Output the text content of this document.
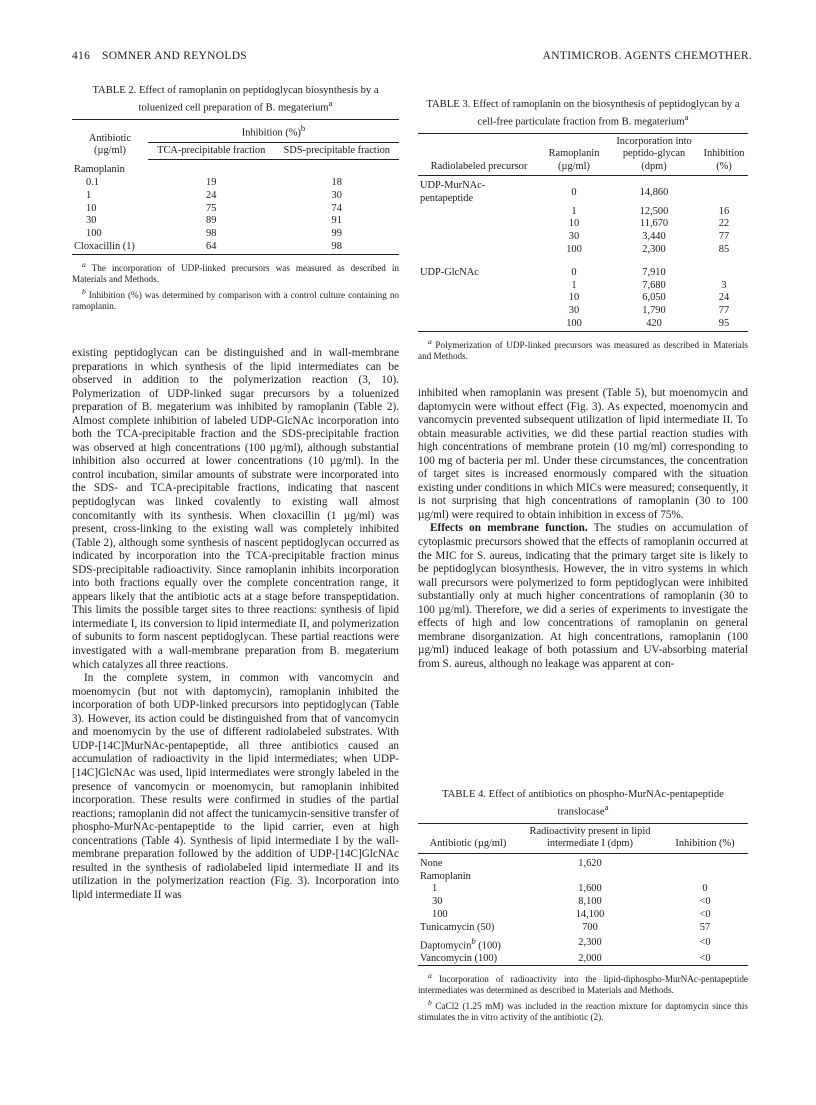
416 SOMNER AND REYNOLDS	ANTIMICROB. AGENTS CHEMOTHER.
TABLE 2. Effect of ramoplanin on peptidoglycan biosynthesis by a toluenized cell preparation of B. megaterium$^a$
Antibiotic (µg/ml)	Inhibition (%)$^b$
	TCA-precipitable fraction	SDS-precipitable fraction

Ramoplanin		
0.1	19	18
1	24	30
10	75	74
30	89	91
100	98	99
Cloxacillin (1)	64	98

$^a$ The incorporation of UDP-linked precursors was measured as described in Materials and Methods.

$^b$ Inhibition (%) was determined by comparison with a control culture containing no ramoplanin.

existing peptidoglycan can be distinguished and in wall-membrane preparations in which synthesis of the lipid intermediates can be observed in addition to the polymerization reaction (3, 10). Polymerization of UDP-linked sugar precursors by a toluenized preparation of B. megaterium was inhibited by ramoplanin (Table 2). Almost complete inhibition of labeled UDP-GlcNAc incorporation into both the TCA-precipitable fraction and the SDS-precipitable fraction was observed at high concentrations (100 µg/ml), although substantial inhibition also occurred at lower concentrations (10 µg/ml). In the control incubation, similar amounts of substrate were incorporated into the SDS- and TCA-precipitable fractions, indicating that nascent peptidoglycan was linked covalently to existing wall almost concomitantly with its synthesis. When cloxacillin (1 µg/ml) was present, cross-linking to the existing wall was completely inhibited (Table 2), although some synthesis of nascent peptidoglycan occurred as indicated by incorporation into the TCA-precipitable fraction minus SDS-precipitable radioactivity. Since ramoplanin inhibits incorporation into both fractions equally over the complete concentration range, it appears likely that the antibiotic acts at a stage before transpeptidation. This limits the possible target sites to three reactions: synthesis of lipid intermediate I, its conversion to lipid intermediate II, and polymerization of subunits to form nascent peptidoglycan. These partial reactions were investigated with a wall-membrane preparation from B. megaterium which catalyzes all three reactions.

In the complete system, in common with vancomycin and moenomycin (but not with daptomycin), ramoplanin inhibited the incorporation of both UDP-linked precursors into peptidoglycan (Table 3). However, its action could be distinguished from that of vancomycin and moenomycin by the use of different radiolabeled substrates. With UDP-[14C]MurNAc-pentapeptide, all three antibiotics caused an accumulation of radioactivity in the lipid intermediates; when UDP-[14C]GlcNAc was used, lipid intermediates were strongly labeled in the presence of vancomycin or moenomycin, but ramoplanin inhibited incorporation. These results were confirmed in studies of the partial reactions; ramoplanin did not affect the tunicamycin-sensitive transfer of phospho-MurNAc-pentapeptide to the lipid carrier, even at high concentrations (Table 4). Synthesis of lipid intermediate I by the wall-membrane preparation followed by the addition of UDP-[14C]GlcNAc resulted in the synthesis of radiolabeled lipid intermediate II and its utilization in the polymerization reaction (Fig. 3). Incorporation into lipid intermediate II was

TABLE 3. Effect of ramoplanin on the biosynthesis of peptidoglycan by a cell-free particulate fraction from B. megaterium$^a$
Radiolabeled precursor	Ramoplanin (µg/ml)	Incorporation into peptido-glycan (dpm)	Inhibition (%)

UDP-MurNAc-pentapeptide	0	14,860	
	1	12,500	16
	10	11,670	22
	30	3,440	77
	100	2,300	85

UDP-GlcNAc	0	7,910	
	1	7,680	3
	10	6,050	24
	30	1,790	77
	100	420	95

$^a$ Polymerization of UDP-linked precursors was measured as described in Materials and Methods.

inhibited when ramoplanin was present (Table 5), but moenomycin and daptomycin were without effect (Fig. 3). As expected, moenomycin and vancomycin prevented subsequent utilization of lipid intermediate II. To obtain measurable activities, we did these partial reaction studies with high concentrations of membrane protein (10 mg/ml) corresponding to 100 mg of bacteria per ml. Under these circumstances, the concentration of target sites is increased enormously compared with the situation existing under conditions in which MICs were measured; consequently, it is not surprising that high concentrations of ramoplanin (30 to 100 µg/ml) were required to obtain inhibition in excess of 75%.

Effects on membrane function. The studies on accumulation of cytoplasmic precursors showed that the effects of ramoplanin occurred at the MIC for S. aureus, indicating that the primary target site is likely to be peptidoglycan biosynthesis. However, the in vitro systems in which wall precursors were polymerized to form peptidoglycan were inhibited substantially only at much higher concentrations of ramoplanin (30 to 100 µg/ml). Therefore, we did a series of experiments to investigate the effects of high and low concentrations of ramoplanin on general membrane disorganization. At high concentrations, ramoplanin (100 µg/ml) induced leakage of both potassium and UV-absorbing material from S. aureus, although no leakage was apparent at con-

TABLE 4. Effect of antibiotics on phospho-MurNAc-pentapeptide translocase$^a$
Antibiotic (µg/ml)	Radioactivity present in lipid intermediate I (dpm)	Inhibition (%)

None	1,620	
Ramoplanin		
1	1,600	0
30	8,100	<0
100	14,100	<0
Tunicamycin (50)	700	57
Daptomycin$^b$ (100)	2,300	<0
Vancomycin (100)	2,000	<0

$^a$ Incorporation of radioactivity into the lipid-diphospho-MurNAc-pentapeptide intermediates was determined as described in Materials and Methods.

$^b$ CaCl2 (1.25 mM) was included in the reaction mixture for daptomycin since this stimulates the in vitro activity of the antibiotic (2).
